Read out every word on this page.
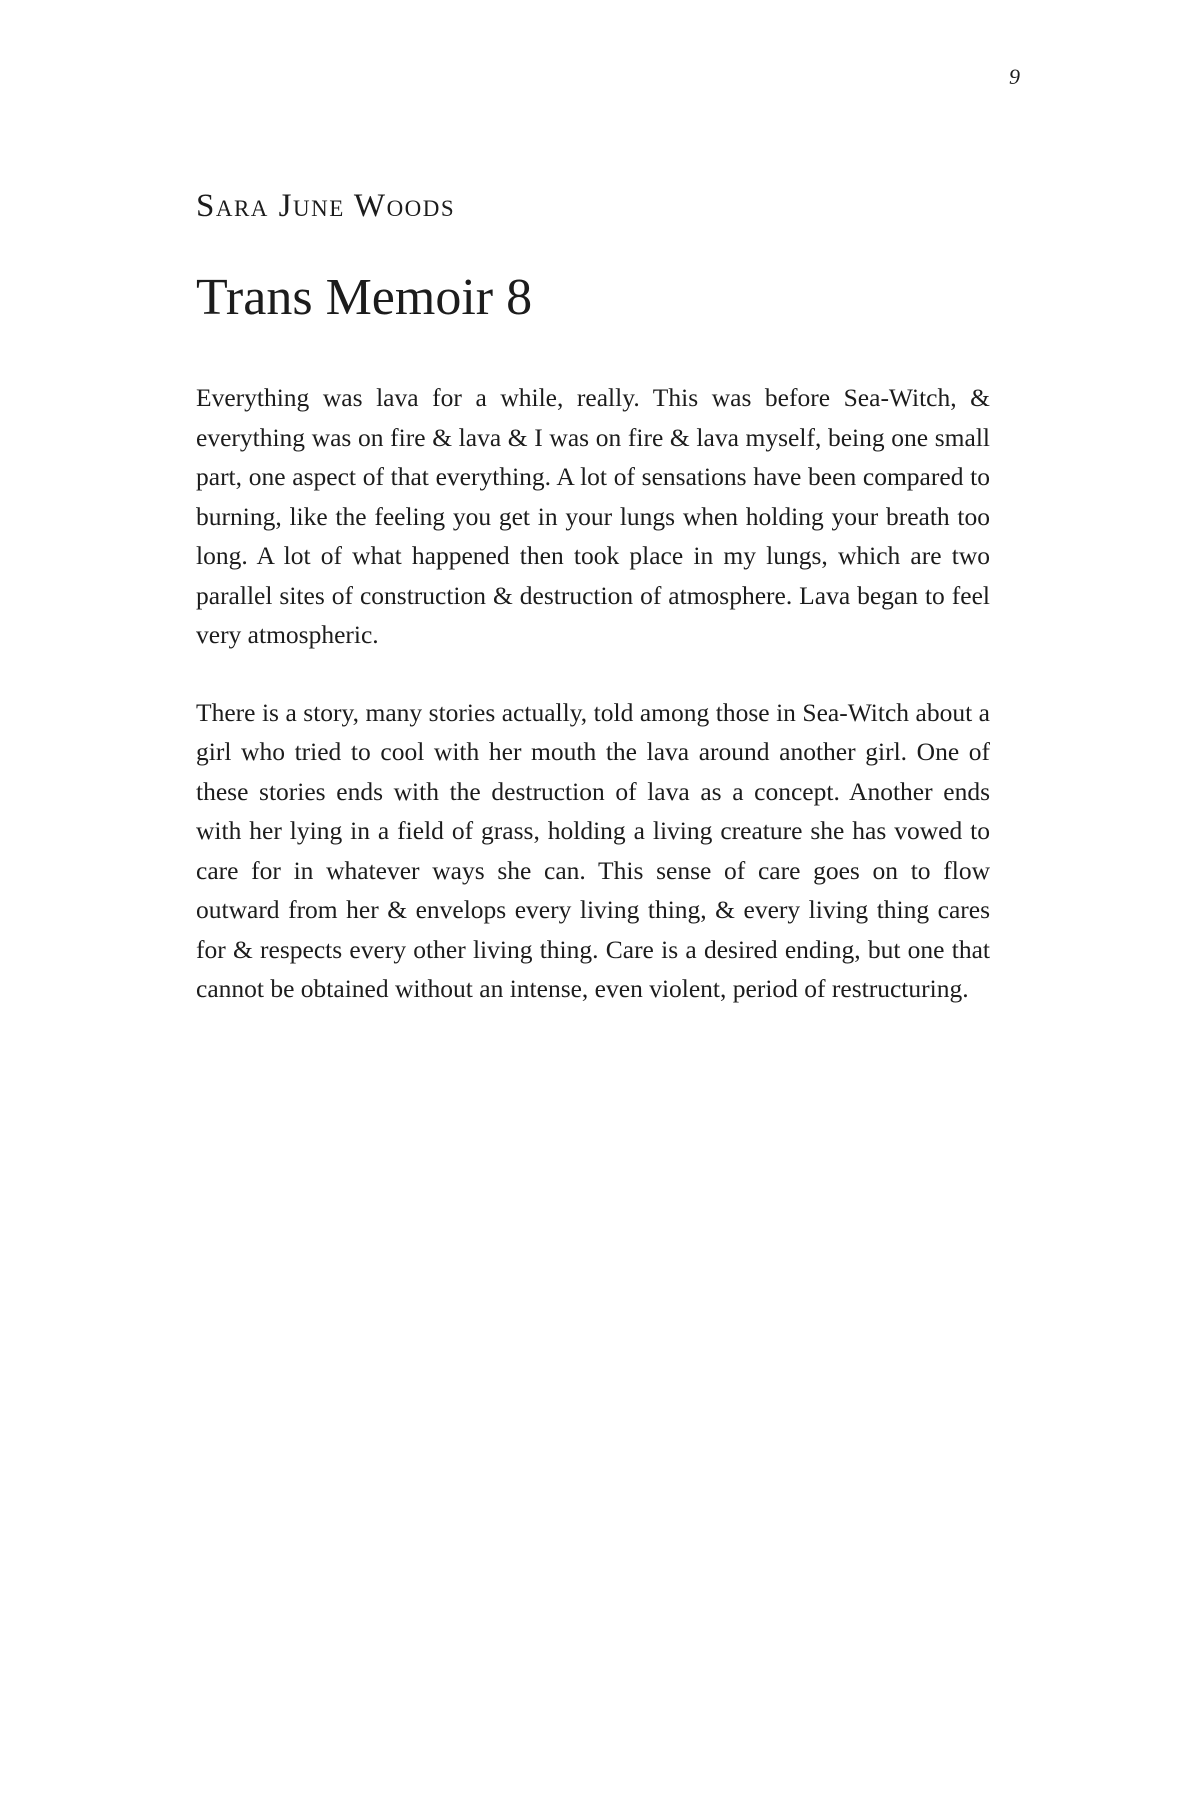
9
Sara June Woods
Trans Memoir 8

Everything was lava for a while, really. This was before Sea-Witch, & everything was on fire & lava & I was on fire & lava myself, being one small part, one aspect of that everything. A lot of sensations have been compared to burning, like the feeling you get in your lungs when holding your breath too long. A lot of what happened then took place in my lungs, which are two parallel sites of construction & destruction of atmosphere. Lava began to feel very atmospheric.

There is a story, many stories actually, told among those in Sea-Witch about a girl who tried to cool with her mouth the lava around another girl. One of these stories ends with the destruction of lava as a concept. Another ends with her lying in a field of grass, holding a living creature she has vowed to care for in whatever ways she can. This sense of care goes on to flow outward from her & envelops every living thing, & every living thing cares for & respects every other living thing. Care is a desired ending, but one that cannot be obtained without an intense, even violent, period of restructuring.
